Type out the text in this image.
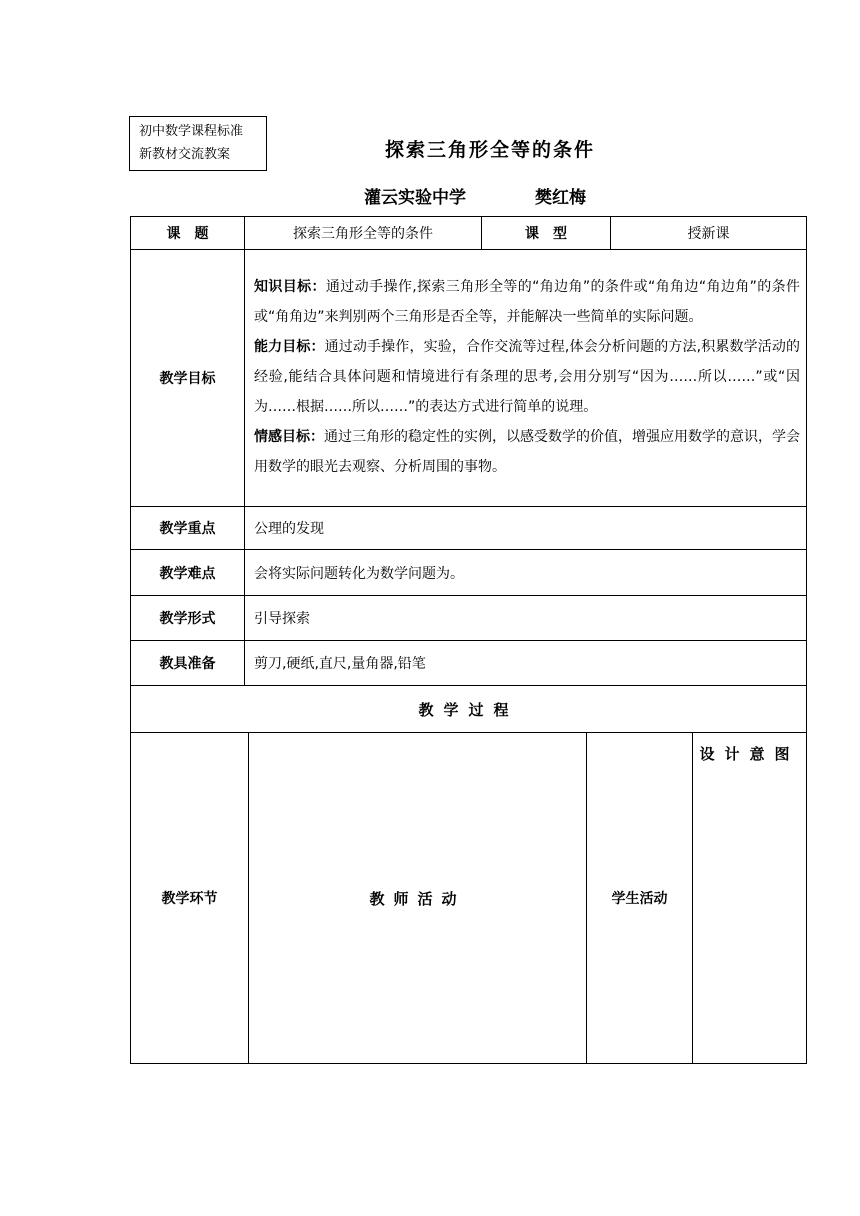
初中数学课程标准
新教材交流教案	探索三角形全等的条件
灌云实验中学	樊红梅
课　题	探索三角形全等的条件		课　型		授新课	
教学目标	知识目标：通过动手操作,探索三角形全等的“角边角”的条件或“角角边“角边角”的条件或“角角边”来判别两个三角形是否全等，并能解决一些简单的实际问题。

能力目标：通过动手操作，实验，合作交流等过程,体会分析问题的方法,积累数学活动的经验,能结合具体问题和情境进行有条理的思考,会用分别写“因为……所以……”或“因为……根据……所以……”的表达方式进行简单的说理。

情感目标：通过三角形的稳定性的实例，以感受数学的价值，增强应用数学的意识，学会用数学的眼光去观察、分析周围的事物。					

教学重点	公理的发现					
教学难点	会将实际问题转化为数学问题为。					
教学形式	引导探索					
教具准备	剪刀,硬纸,直尺,量角器,铅笔					
教学过程						
教学环节		教师活动		学生活动		设计意图
